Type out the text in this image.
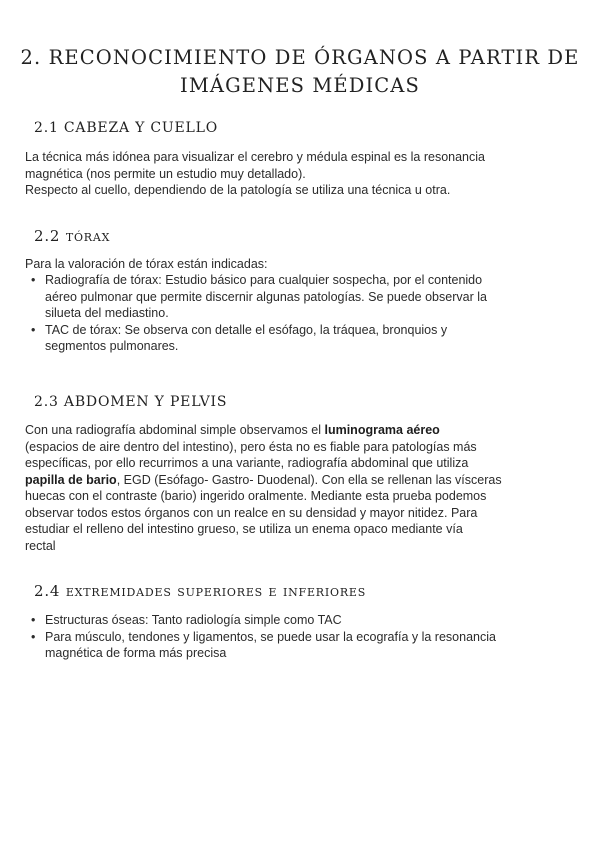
2. RECONOCIMIENTO DE ÓRGANOS A PARTIR DE
IMÁGENES MÉDICAS
2.1 CABEZA Y CUELLO
La técnica más idónea para visualizar el cerebro y médula espinal es la resonancia
magnética (nos permite un estudio muy detallado).
Respecto al cuello, dependiendo de la patología se utiliza una técnica u otra.
2.2 tórax
Para la valoración de tórax están indicadas:
• Radiografía de tórax: Estudio básico para cualquier sospecha, por el contenido
aéreo pulmonar que permite discernir algunas patologías. Se puede observar la
silueta del mediastino.
• TAC de tórax: Se observa con detalle el esófago, la tráquea, bronquios y
segmentos pulmonares.
2.3 ABDOMEN Y PELVIS
Con una radiografía abdominal simple observamos el luminograma aéreo
(espacios de aire dentro del intestino), pero ésta no es fiable para patologías más
específicas, por ello recurrimos a una variante, radiografía abdominal que utiliza
papilla de bario, EGD (Esófago- Gastro- Duodenal). Con ella se rellenan las vísceras
huecas con el contraste (bario) ingerido oralmente. Mediante esta prueba podemos
observar todos estos órganos con un realce en su densidad y mayor nitidez. Para
estudiar el relleno del intestino grueso, se utiliza un enema opaco mediante vía
rectal
2.4 extremidades superiores e inferiores
• Estructuras óseas: Tanto radiología simple como TAC
• Para músculo, tendones y ligamentos, se puede usar la ecografía y la resonancia
magnética de forma más precisa
